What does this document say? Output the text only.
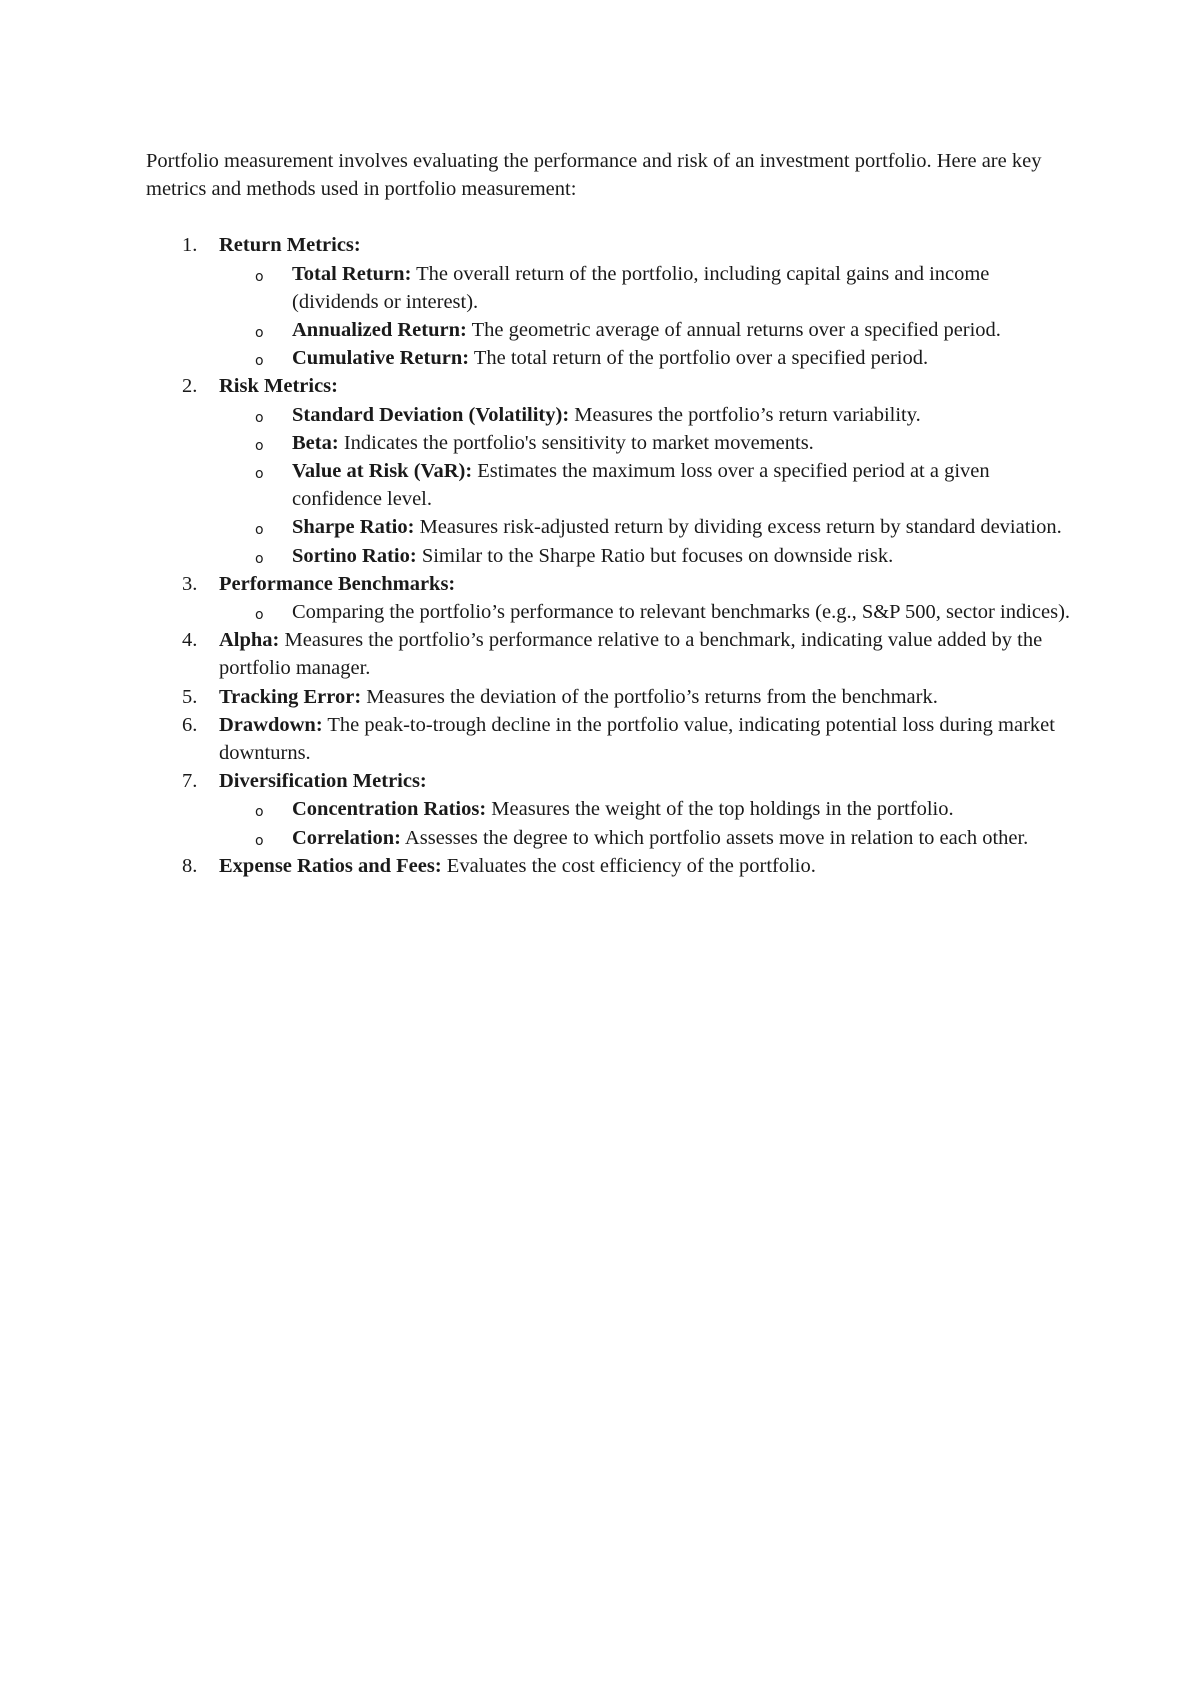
Portfolio measurement involves evaluating the performance and risk of an investment portfolio. Here are key metrics and methods used in portfolio measurement:

1.	Return Metrics:
o Total Return: The overall return of the portfolio, including capital gains and income (dividends or interest).
o Annualized Return: The geometric average of annual returns over a specified period.
o Cumulative Return: The total return of the portfolio over a specified period.
2.	Risk Metrics:
o Standard Deviation (Volatility): Measures the portfolio’s return variability.
o Beta: Indicates the portfolio's sensitivity to market movements.
o Value at Risk (VaR): Estimates the maximum loss over a specified period at a given confidence level.
o Sharpe Ratio: Measures risk-adjusted return by dividing excess return by standard deviation.
o Sortino Ratio: Similar to the Sharpe Ratio but focuses on downside risk.
3.	Performance Benchmarks:
o Comparing the portfolio’s performance to relevant benchmarks (e.g., S&P 500, sector indices).
4.	Alpha: Measures the portfolio’s performance relative to a benchmark, indicating value added by the portfolio manager.
5.	Tracking Error: Measures the deviation of the portfolio’s returns from the benchmark.
6.	Drawdown: The peak-to-trough decline in the portfolio value, indicating potential loss during market downturns.
7.	Diversification Metrics:
o Concentration Ratios: Measures the weight of the top holdings in the portfolio.
o Correlation: Assesses the degree to which portfolio assets move in relation to each other.
8.	Expense Ratios and Fees: Evaluates the cost efficiency of the portfolio.
